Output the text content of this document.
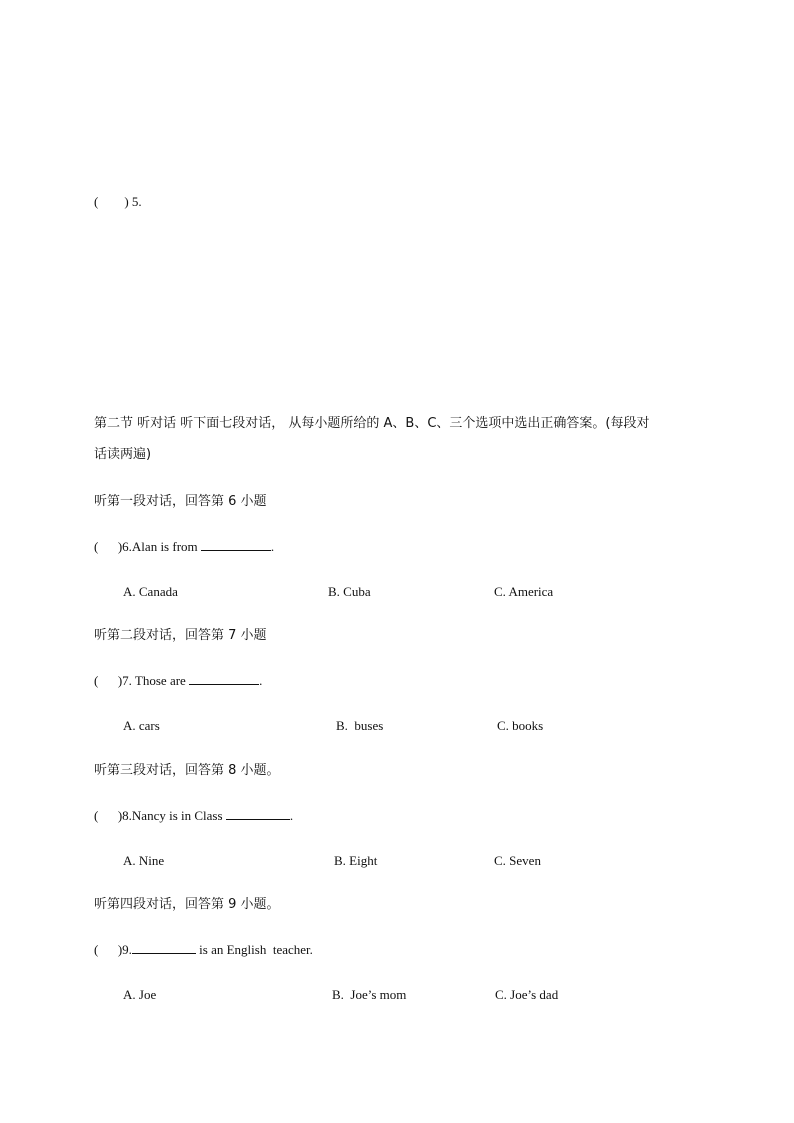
(        ) 5.
第二节 听对话 听下面七段对话， 从每小题所给的 A、B、C、三个选项中选出正确答案。(每段对
话读两遍)
听第一段对话，回答第 6 小题
(      )6.Alan is from	.
A. Canada	B. Cuba	C. America
听第二段对话，回答第 7 小题
(      )7. Those are	.
A. cars	B.  buses	C. books
听第三段对话，回答第 8 小题。
(      )8.Nancy is in Class	.
A. Nine	B. Eight	C. Seven
听第四段对话，回答第 9 小题。
(      )9.	is an English  teacher.
A. Joe	B.  Joe’s mom	C. Joe’s dad
